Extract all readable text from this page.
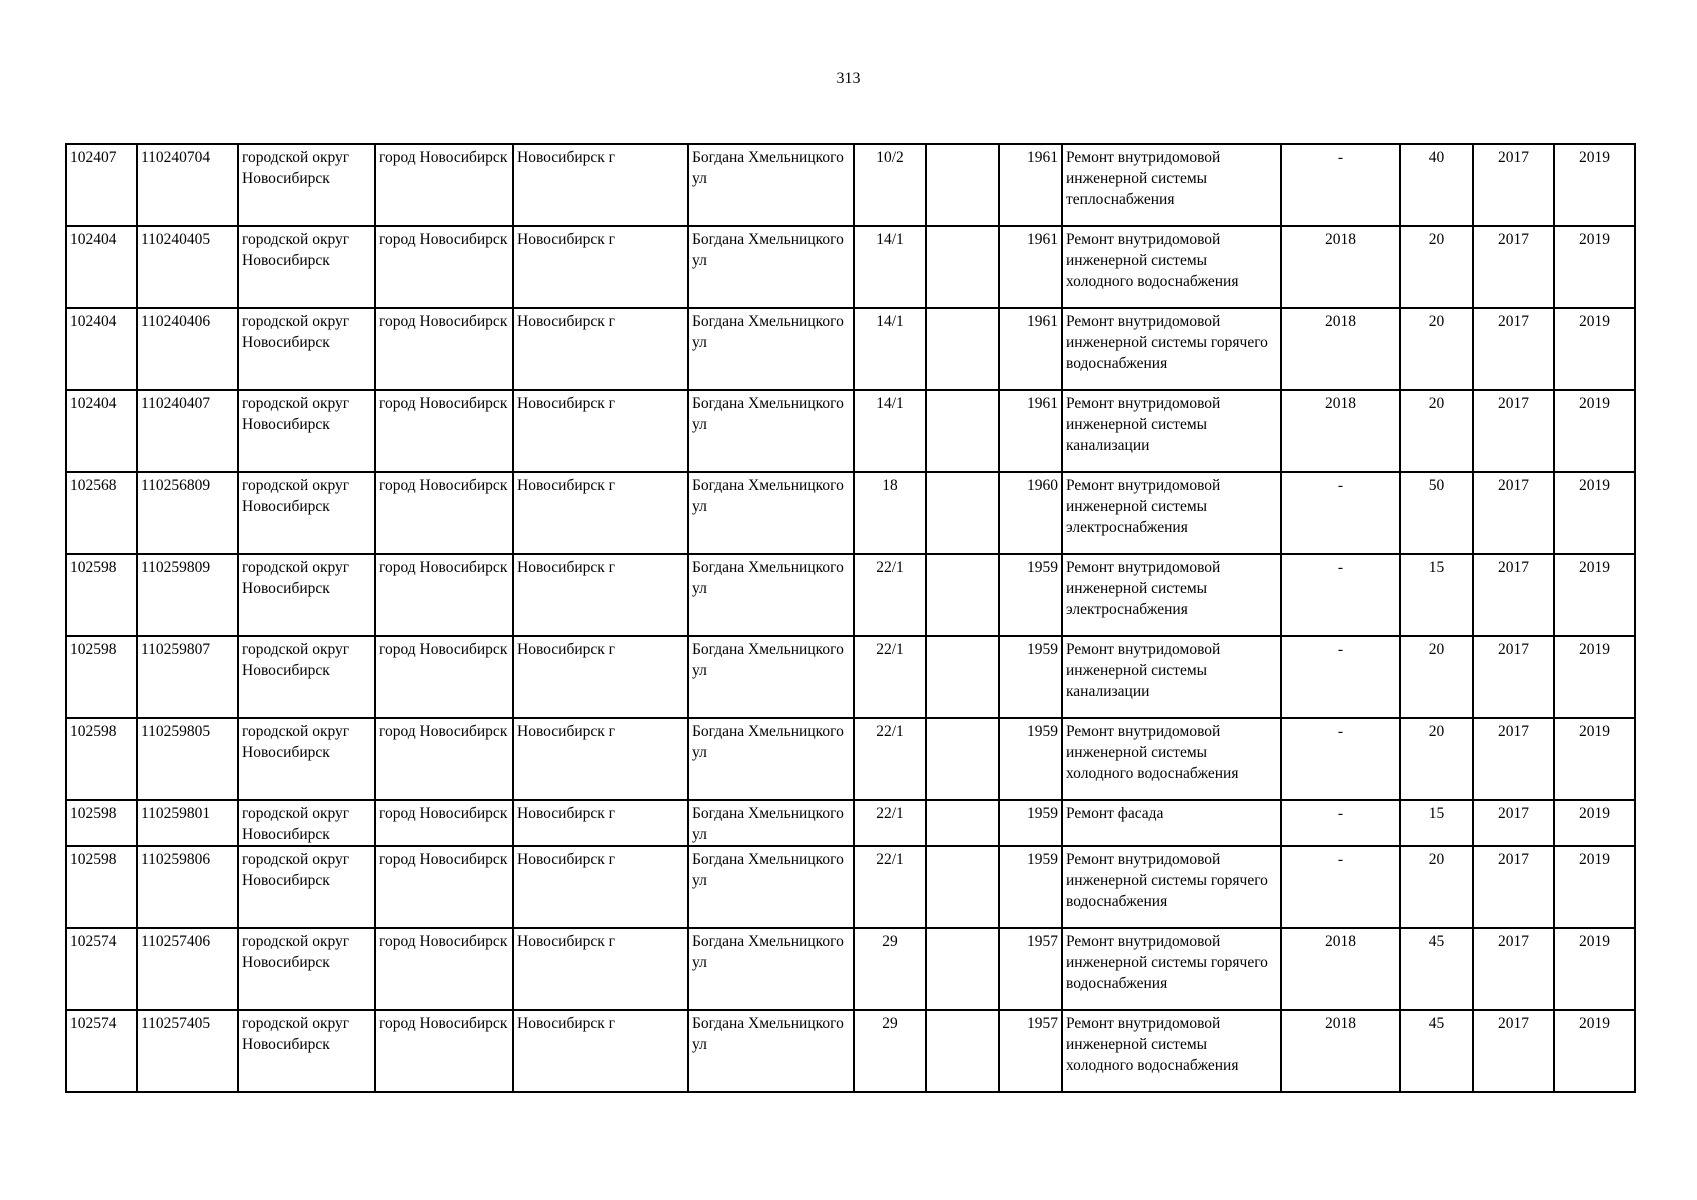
313
102407	110240704	городской округ Новосибирск	город Новосибирск	Новосибирск г	Богдана Хмельницкого ул	10/2		1961	Ремонт внутридомовой инженерной системы теплоснабжения	-	40	2017	2019
102404	110240405	городской округ Новосибирск	город Новосибирск	Новосибирск г	Богдана Хмельницкого ул	14/1		1961	Ремонт внутридомовой инженерной системы холодного водоснабжения	2018	20	2017	2019
102404	110240406	городской округ Новосибирск	город Новосибирск	Новосибирск г	Богдана Хмельницкого ул	14/1		1961	Ремонт внутридомовой инженерной системы горячего водоснабжения	2018	20	2017	2019
102404	110240407	городской округ Новосибирск	город Новосибирск	Новосибирск г	Богдана Хмельницкого ул	14/1		1961	Ремонт внутридомовой инженерной системы канализации	2018	20	2017	2019
102568	110256809	городской округ Новосибирск	город Новосибирск	Новосибирск г	Богдана Хмельницкого ул	18		1960	Ремонт внутридомовой инженерной системы электроснабжения	-	50	2017	2019
102598	110259809	городской округ Новосибирск	город Новосибирск	Новосибирск г	Богдана Хмельницкого ул	22/1		1959	Ремонт внутридомовой инженерной системы электроснабжения	-	15	2017	2019
102598	110259807	городской округ Новосибирск	город Новосибирск	Новосибирск г	Богдана Хмельницкого ул	22/1		1959	Ремонт внутридомовой инженерной системы канализации	-	20	2017	2019
102598	110259805	городской округ Новосибирск	город Новосибирск	Новосибирск г	Богдана Хмельницкого ул	22/1		1959	Ремонт внутридомовой инженерной системы холодного водоснабжения	-	20	2017	2019
102598	110259801	городской округ Новосибирск	город Новосибирск	Новосибирск г	Богдана Хмельницкого ул	22/1		1959	Ремонт фасада	-	15	2017	2019
102598	110259806	городской округ Новосибирск	город Новосибирск	Новосибирск г	Богдана Хмельницкого ул	22/1		1959	Ремонт внутридомовой инженерной системы горячего водоснабжения	-	20	2017	2019
102574	110257406	городской округ Новосибирск	город Новосибирск	Новосибирск г	Богдана Хмельницкого ул	29		1957	Ремонт внутридомовой инженерной системы горячего водоснабжения	2018	45	2017	2019
102574	110257405	городской округ Новосибирск	город Новосибирск	Новосибирск г	Богдана Хмельницкого ул	29		1957	Ремонт внутридомовой инженерной системы холодного водоснабжения	2018	45	2017	2019
